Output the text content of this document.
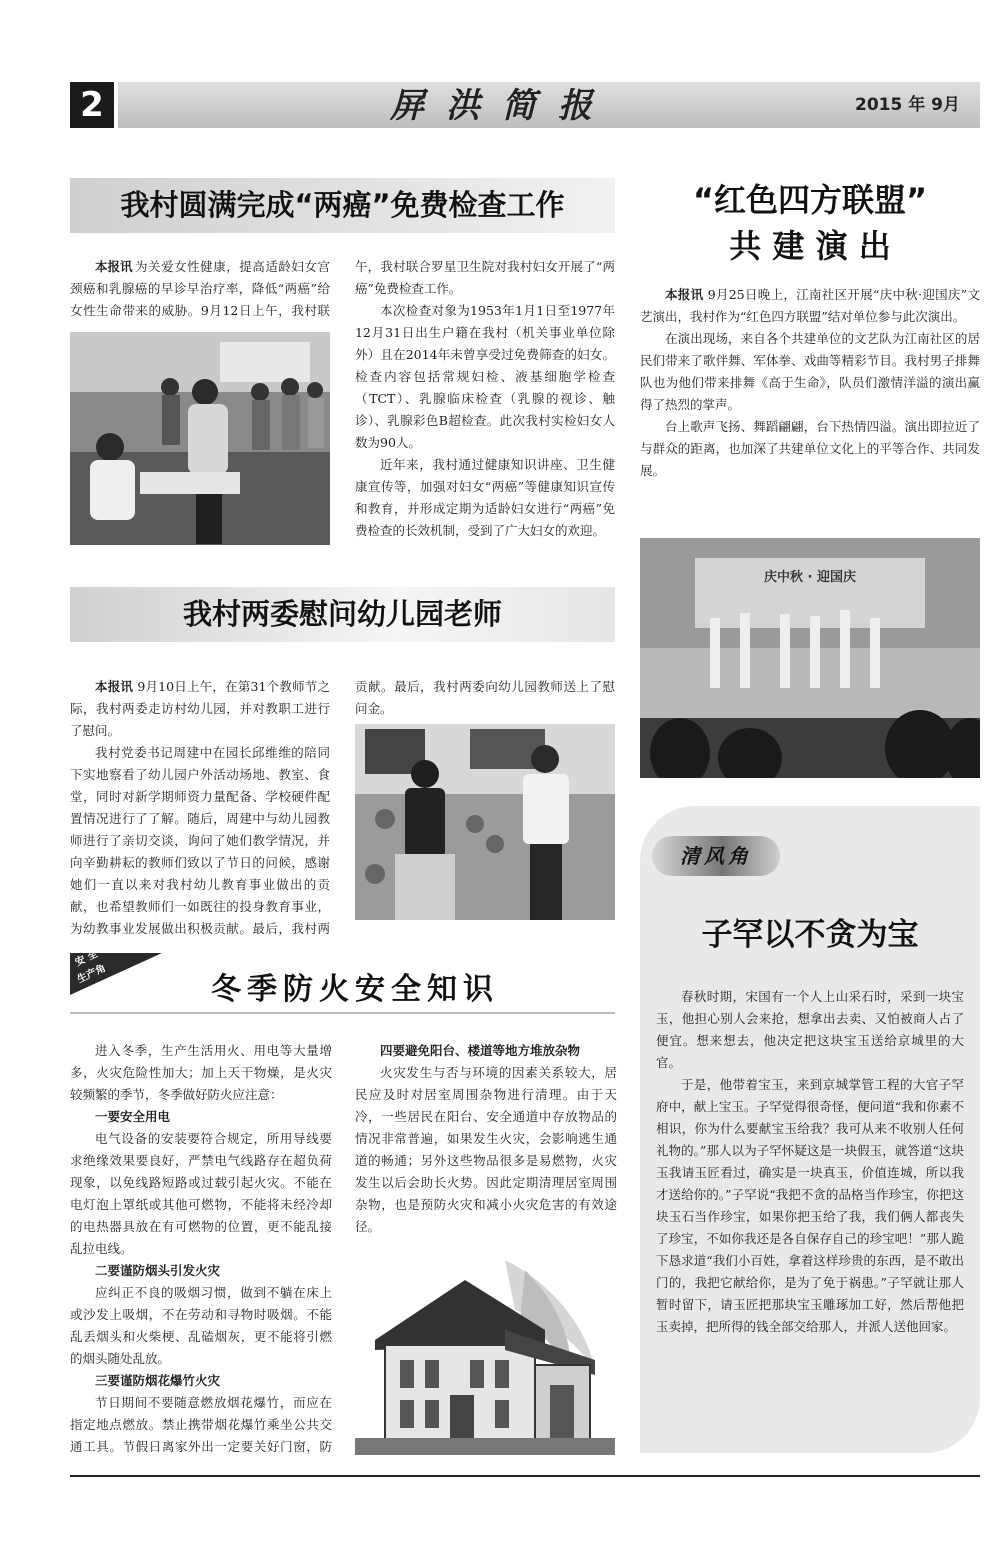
2	屏洪简报	2015 年 9月
我村圆满完成“两癌”免费检查工作

本报讯 为关爱女性健康，提高适龄妇女宫颈癌和乳腺癌的早诊早治疗率，降低“两癌”给女性生命带来的威胁。9月12日上午，我村联

午，我村联合罗星卫生院对我村妇女开展了“两癌”免费检查工作。

本次检查对象为1953年1月1日至1977年12月31日出生户籍在我村（机关事业单位除外）且在2014年未曾享受过免费筛查的妇女。检查内容包括常规妇检、液基细胞学检查（TCT）、乳腺临床检查（乳腺的视诊、触诊）、乳腺彩色B超检查。此次我村实检妇女人数为90人。

近年来，我村通过健康知识讲座、卫生健康宣传等，加强对妇女“两癌”等健康知识宣传和教育，并形成定期为适龄妇女进行“两癌”免费检查的长效机制，受到了广大妇女的欢迎。

“红色四方联盟”
共 建 演 出

本报讯 9月25日晚上，江南社区开展“庆中秋·迎国庆”文艺演出，我村作为“红色四方联盟”结对单位参与此次演出。

在演出现场，来自各个共建单位的文艺队为江南社区的居民们带来了歌伴舞、军体拳、戏曲等精彩节目。我村男子排舞队也为他们带来排舞《高于生命》，队员们激情洋溢的演出赢得了热烈的掌声。

台上歌声飞扬、舞蹈翩翩，台下热情四溢。演出即拉近了与群众的距离，也加深了共建单位文化上的平等合作、共同发展。

庆中秋 · 迎国庆
我村两委慰问幼儿园老师

本报讯 9月10日上午，在第31个教师节之际，我村两委走访村幼儿园，并对教职工进行了慰问。

我村党委书记周建中在园长邱维维的陪同下实地察看了幼儿园户外活动场地、教室、食堂，同时对新学期师资力量配备、学校硬件配置情况进行了了解。随后，周建中与幼儿园教师进行了亲切交谈，询问了她们教学情况，并向辛勤耕耘的教师们致以了节日的问候，感谢她们一直以来对我村幼儿教育事业做出的贡献，也希望教师们一如既往的投身教育事业，为幼教事业发展做出积极贡献。最后，我村两

贡献。最后，我村两委向幼儿园教师送上了慰问金。

安 全
生产角	冬季防火安全知识

进入冬季，生产生活用火、用电等大量增多，火灾危险性加大；加上天干物燥，是火灾较频繁的季节，冬季做好防火应注意：

一要安全用电

电气设备的安装要符合规定，所用导线要求绝缘效果要良好，严禁电气线路存在超负荷现象，以免线路短路或过载引起火灾。不能在电灯泡上罩纸或其他可燃物，不能将未经冷却的电热器具放在有可燃物的位置，更不能乱接乱拉电线。

二要谨防烟头引发火灾

应纠正不良的吸烟习惯，做到不躺在床上或沙发上吸烟，不在劳动和寻物时吸烟。不能乱丢烟头和火柴梗、乱磕烟灰，更不能将引燃的烟头随处乱放。

三要谨防烟花爆竹火灾

节日期间不要随意燃放烟花爆竹，而应在指定地点燃放。禁止携带烟花爆竹乘坐公共交通工具。节假日离家外出一定要关好门窗，防

四要避免阳台、楼道等地方堆放杂物

火灾发生与否与环境的因素关系较大，居民应及时对居室周围杂物进行清理。由于天冷，一些居民在阳台、安全通道中存放物品的情况非常普遍，如果发生火灾，会影响逃生通道的畅通；另外这些物品很多是易燃物，火灾发生以后会助长火势。因此定期清理居室周围杂物，也是预防火灾和减小火灾危害的有效途径。

清风角
子罕以不贪为宝

春秋时期，宋国有一个人上山采石时，采到一块宝玉，他担心别人会来抢，想拿出去卖、又怕被商人占了便宜。想来想去，他决定把这块宝玉送给京城里的大官。

于是，他带着宝玉，来到京城掌管工程的大官子罕府中，献上宝玉。子罕觉得很奇怪，便问道“我和你素不相识，你为什么要献宝玉给我？我可从来不收别人任何礼物的。”那人以为子罕怀疑这是一块假玉，就答道“这块玉我请玉匠看过，确实是一块真玉，价值连城，所以我才送给你的。”子罕说“我把不贪的品格当作珍宝，你把这块玉石当作珍宝，如果你把玉给了我，我们俩人都丧失了珍宝，不如你我还是各自保存自己的珍宝吧！”那人跪下恳求道“我们小百姓，拿着这样珍贵的东西，是不敢出门的，我把它献给你，是为了免于祸患。”子罕就让那人暂时留下，请玉匠把那块宝玉雕琢加工好，然后帮他把玉卖掉，把所得的钱全部交给那人，并派人送他回家。
